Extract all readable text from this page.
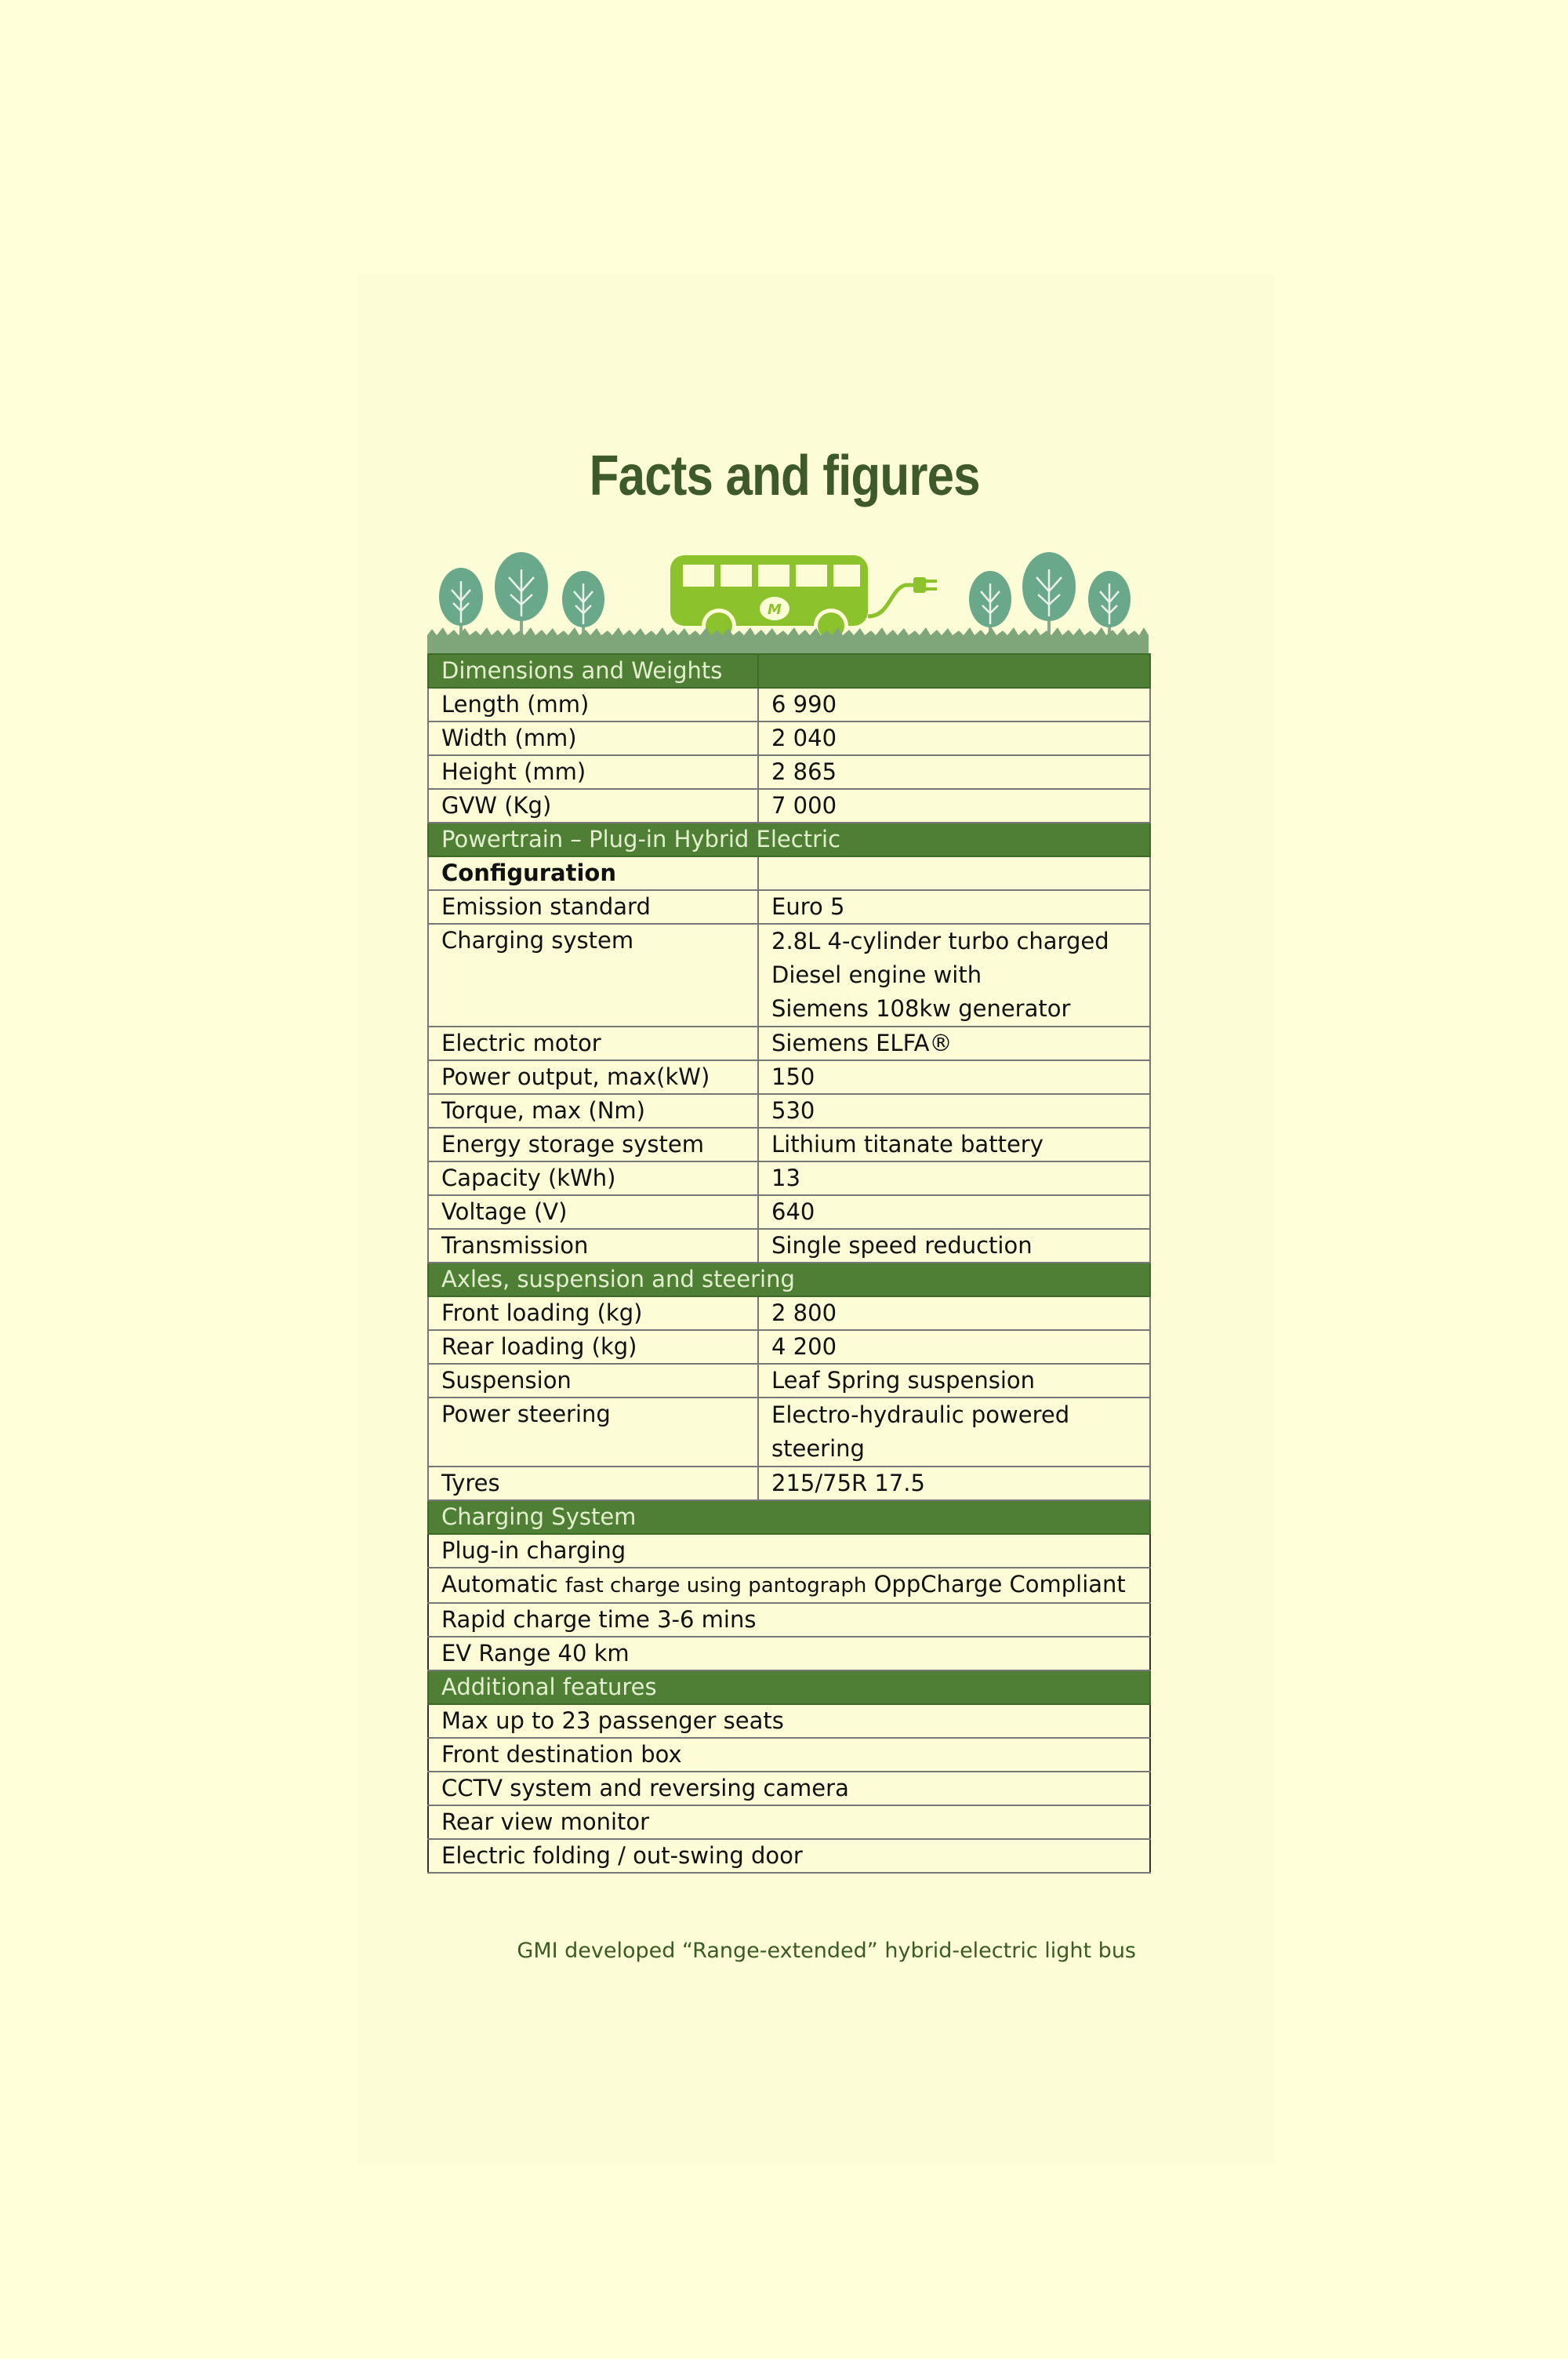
Facts and figures
M
Dimensions and Weights	
Length (mm)	6 990
Width (mm)	2 040
Height (mm)	2 865
GVW (Kg)	7 000
Powertrain – Plug-in Hybrid Electric	
Configuration	
Emission standard	Euro 5
Charging system	2.8L 4-cylinder turbo charged
Diesel engine with
Siemens 108kw generator

Electric motor	Siemens ELFA®
Power output, max(kW)	150
Torque, max (Nm)	530
Energy storage system	Lithium titanate battery
Capacity (kWh)	13
Voltage (V)	640
Transmission	Single speed reduction
Axles, suspension and steering	
Front loading (kg)	2 800
Rear loading (kg)	4 200
Suspension	Leaf Spring suspension
Power steering	Electro-hydraulic powered
steering

Tyres	215/75R 17.5
Charging System	
Plug-in charging	
Automatic fast charge using pantograph OppCharge Compliant	
Rapid charge time 3-6 mins	
EV Range 40 km	
Additional features	
Max up to 23 passenger seats	
Front destination box	
CCTV system and reversing camera	
Rear view monitor	
Electric folding / out-swing door	
GMI developed “Range-extended” hybrid-electric light bus
